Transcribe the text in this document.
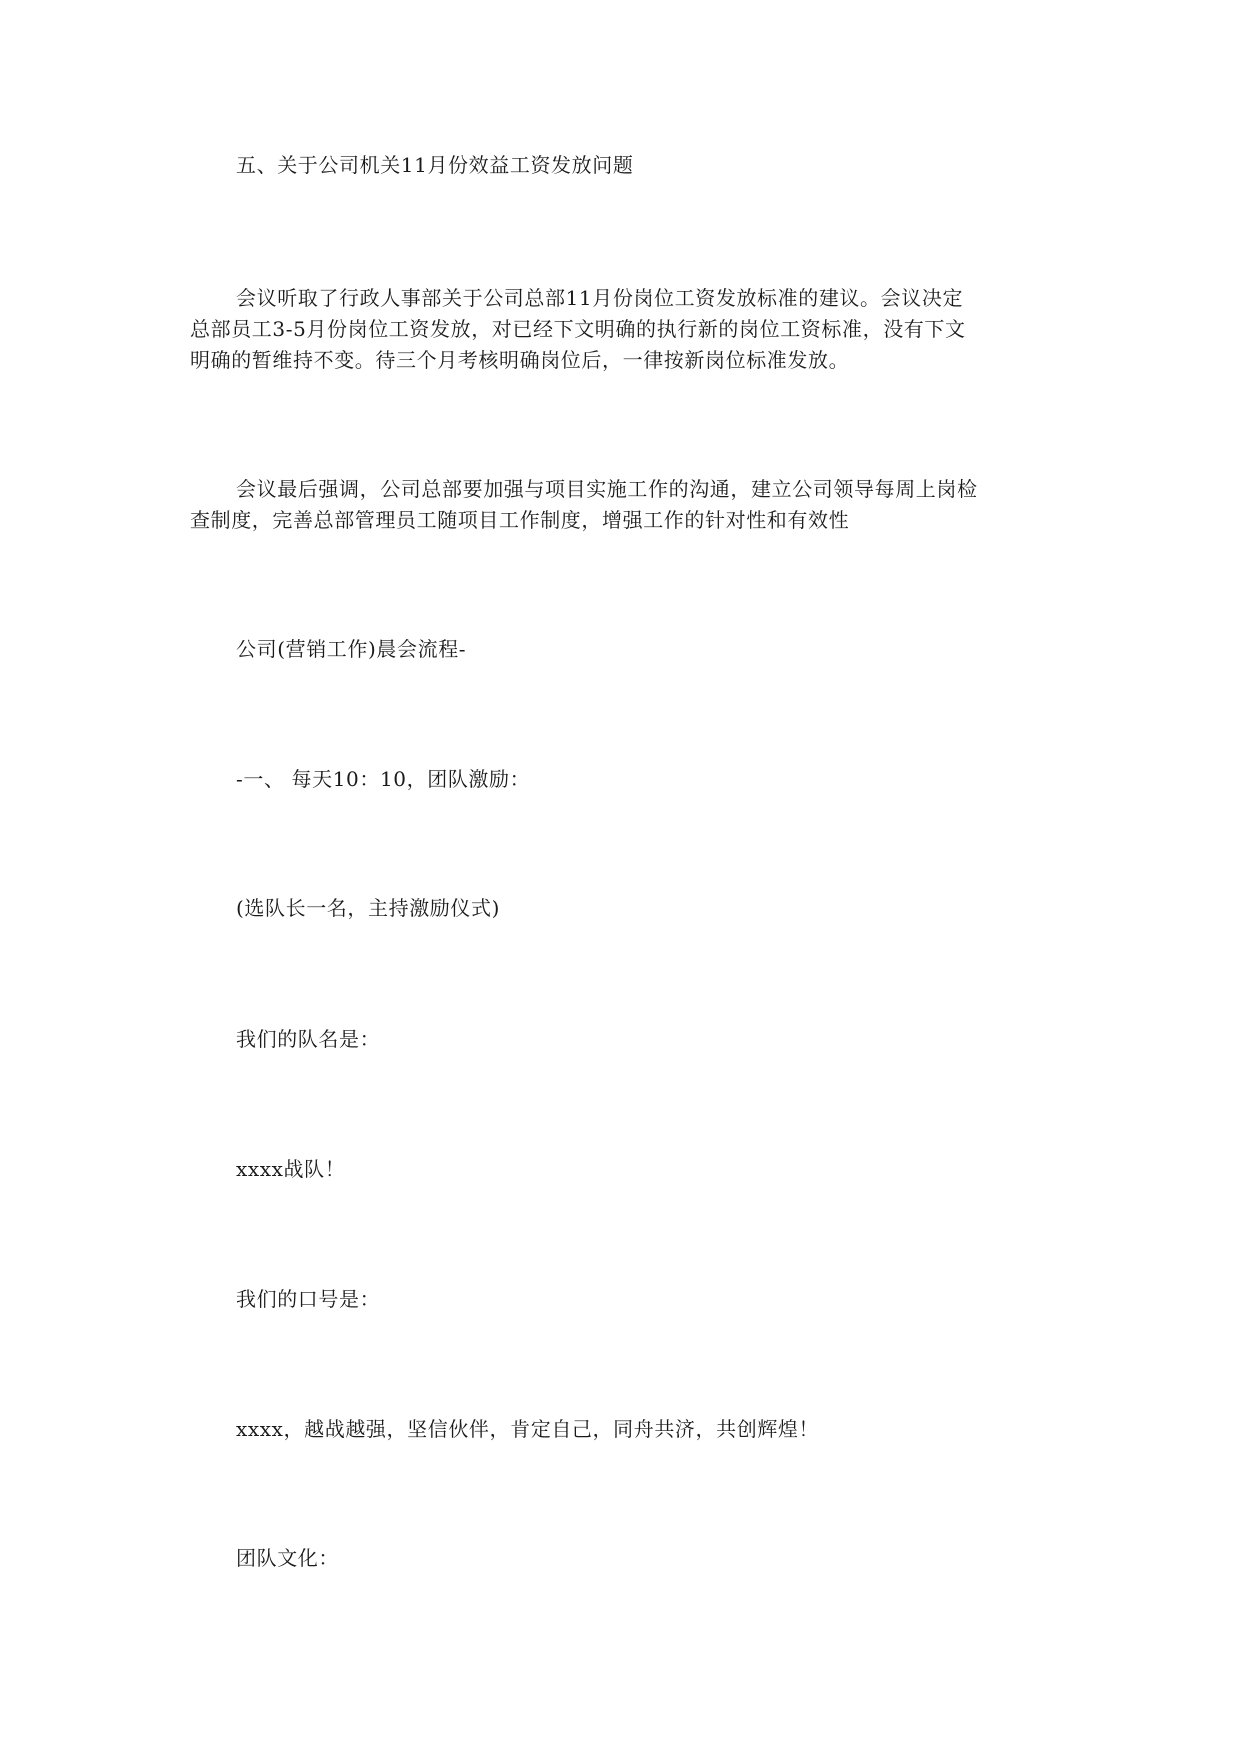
五、关于公司机关11月份效益工资发放问题

会议听取了行政人事部关于公司总部11月份岗位工资发放标准的建议。会议决定
总部员工3-5月份岗位工资发放，对已经下文明确的执行新的岗位工资标准，没有下文
明确的暂维持不变。待三个月考核明确岗位后，一律按新岗位标准发放。

会议最后强调，公司总部要加强与项目实施工作的沟通，建立公司领导每周上岗检
查制度，完善总部管理员工随项目工作制度，增强工作的针对性和有效性

公司(营销工作)晨会流程-

-一、 每天10：10，团队激励：

(选队长一名，主持激励仪式)

我们的队名是：

xxxx战队！

我们的口号是：

xxxx，越战越强，坚信伙伴，肯定自己，同舟共济，共创辉煌！

团队文化：
